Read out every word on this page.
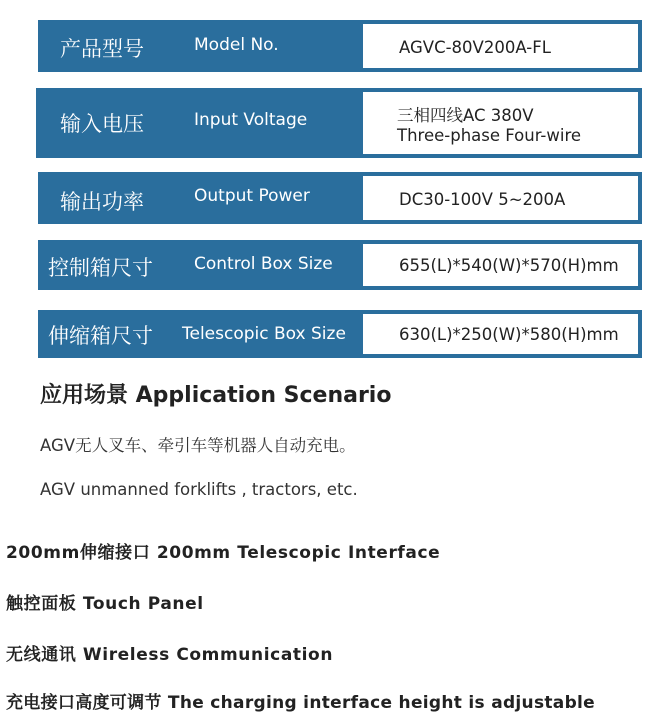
产品型号	Model No.	AGVC-80V200A-FL
输入电压	Input Voltage	三相四线AC 380V
Three-phase Four-wire
输出功率	Output Power	DC30-100V 5~200A
控制箱尺寸 Control Box Size	655(L)*540(W)*570(H)mm
伸缩箱尺寸 Telescopic Box Size	630(L)*250(W)*580(H)mm
应用场景 Application Scenario
AGV无人叉车、牵引车等机器人自动充电。
AGV unmanned forklifts , tractors, etc.
200mm伸缩接口 200mm Telescopic Interface
触控面板 Touch Panel
无线通讯 Wireless Communication
充电接口高度可调节 The charging interface height is adjustable
